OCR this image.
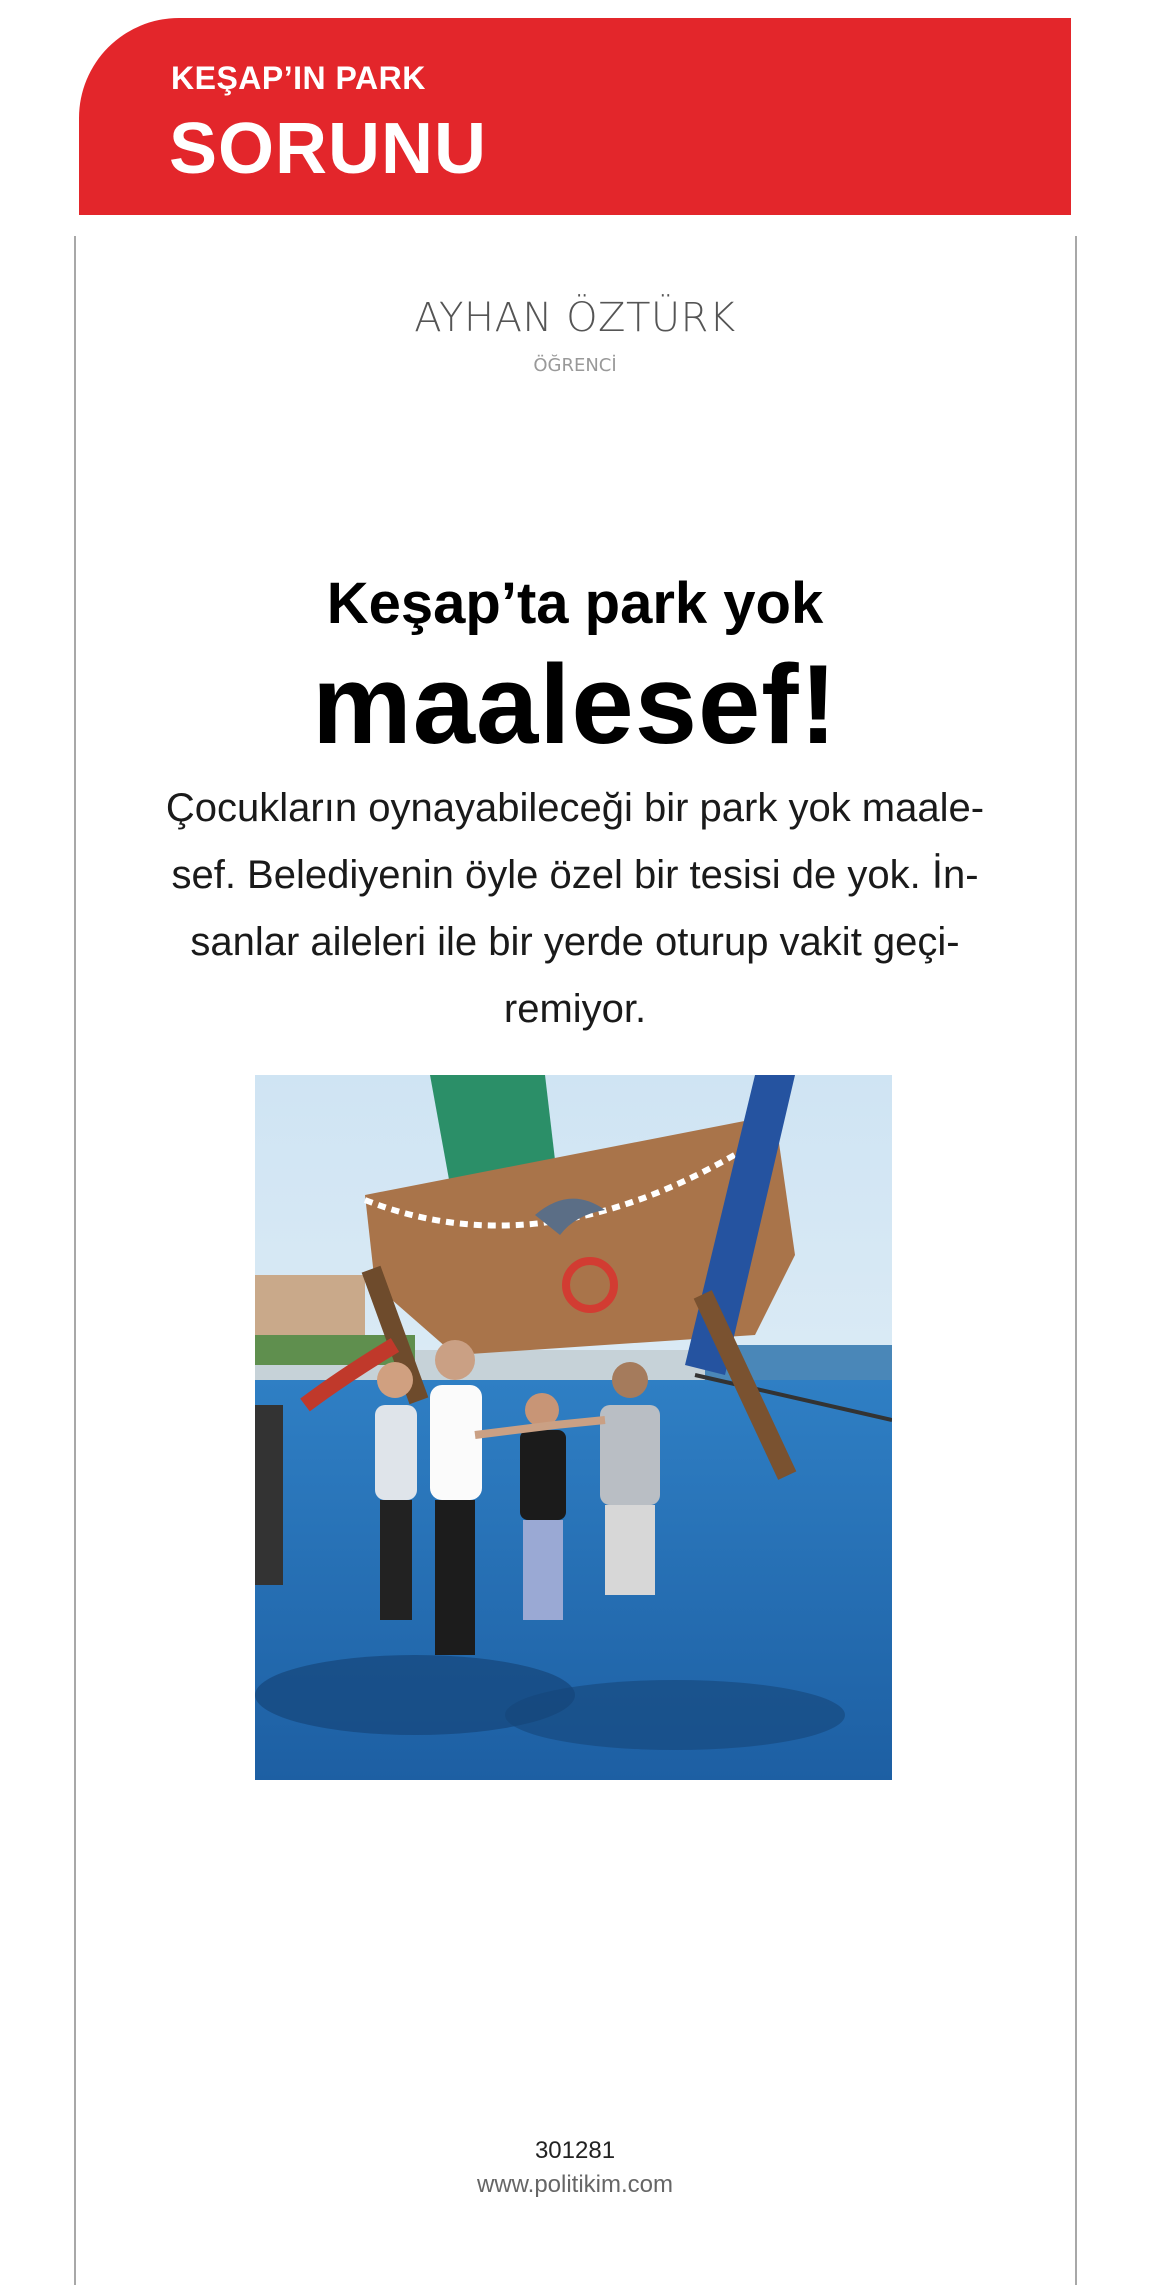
KEŞAP’IN PARK
SORUNU
AYHAN ÖZTÜRK
ÖĞRENCİ
Keşap’ta park yok
maalesef!
Çocukların oynayabileceği bir park yok maale-
sef. Belediyenin öyle özel bir tesisi de yok. İn-
sanlar aileleri ile bir yerde oturup vakit geçi-
remiyor.
301281
www.politikim.com
